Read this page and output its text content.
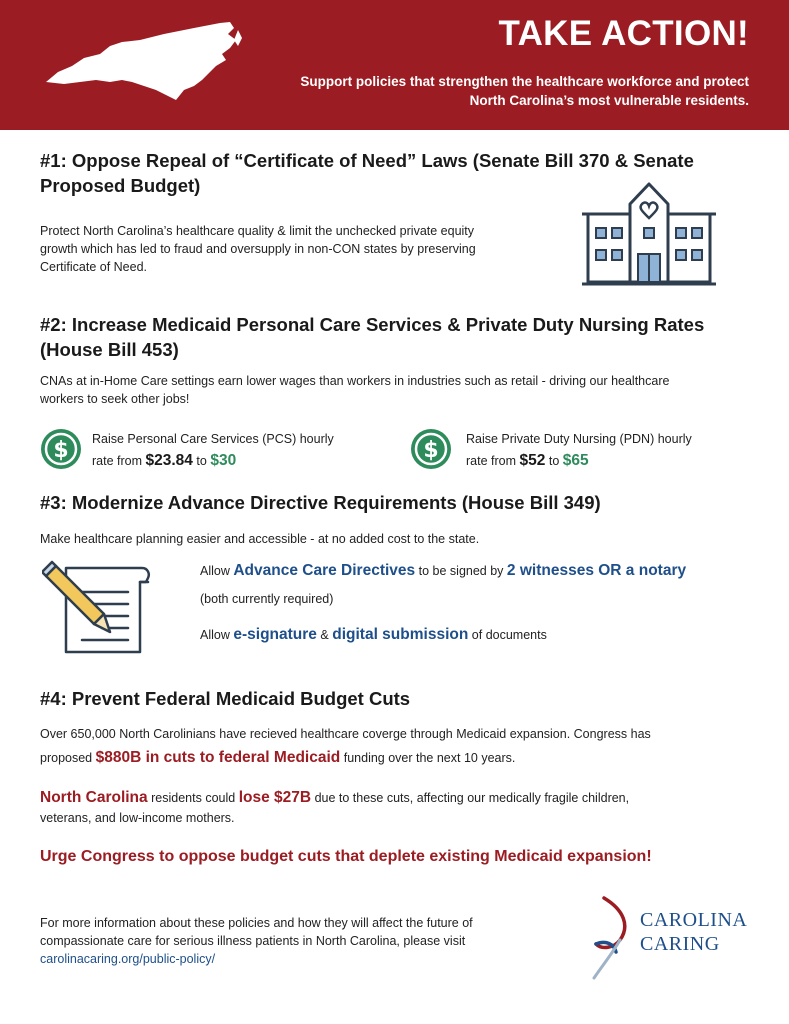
TAKE ACTION!
Support policies that strengthen the healthcare workforce and protect North Carolina’s most vulnerable residents.
#1: Oppose Repeal of “Certificate of Need” Laws (Senate Bill 370 & Senate
Proposed Budget)
Protect North Carolina’s healthcare quality & limit the unchecked private equity
growth which has led to fraud and oversupply in non-CON states by preserving
Certificate of Need.
#2: Increase Medicaid Personal Care Services & Private Duty Nursing Rates
(House Bill 453)
CNAs at in-Home Care settings earn lower wages than workers in industries such as retail - driving our healthcare
workers to seek other jobs!
$ Raise Personal Care Services (PCS) hourly
rate from $23.84 to $30	$ Raise Private Duty Nursing (PDN) hourly
rate from $52 to $65
#3: Modernize Advance Directive Requirements (House Bill 349)
Make healthcare planning easier and accessible - at no added cost to the state.
Allow Advance Care Directives to be signed by 2 witnesses OR a notary
(both currently required)
Allow e-signature & digital submission of documents
#4: Prevent Federal Medicaid Budget Cuts
Over 650,000 North Carolinians have recieved healthcare coverge through Medicaid expansion. Congress has
proposed $880B in cuts to federal Medicaid funding over the next 10 years.
North Carolina residents could lose $27B due to these cuts, affecting our medically fragile children,
veterans, and low-income mothers.
Urge Congress to oppose budget cuts that deplete existing Medicaid expansion!
For more information about these policies and how they will affect the future of
compassionate care for serious illness patients in North Carolina, please visit
carolinacaring.org/public-policy/
CAROLINA
CARING
